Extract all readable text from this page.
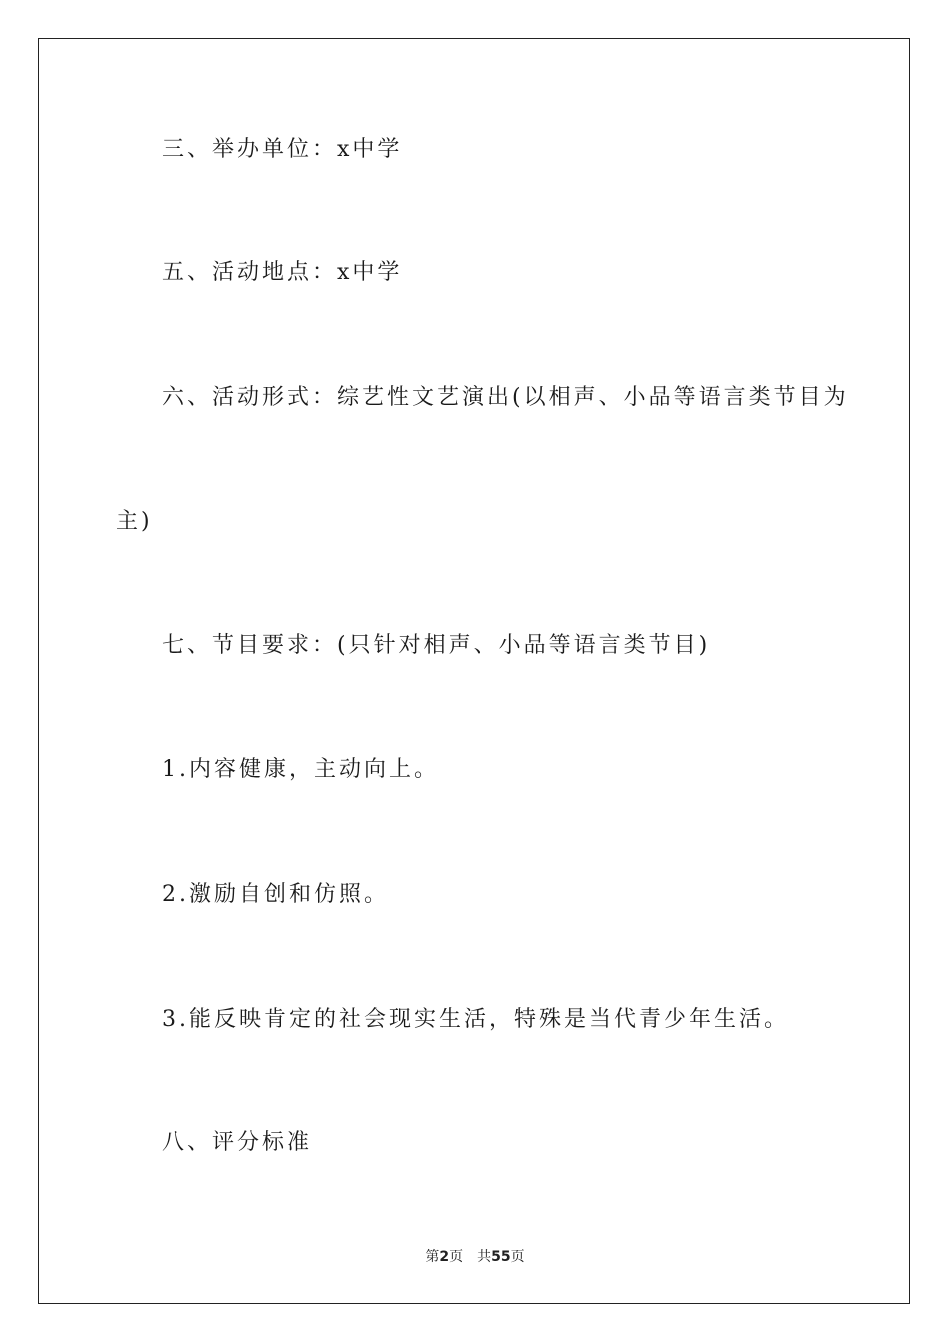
三、举办单位：x中学
五、活动地点：x中学
六、活动形式：综艺性文艺演出(以相声、小品等语言类节目为
主)
七、节目要求：(只针对相声、小品等语言类节目)
1.内容健康，主动向上。
2.激励自创和仿照。
3.能反映肯定的社会现实生活，特殊是当代青少年生活。
八、评分标准
第2页 共55页
